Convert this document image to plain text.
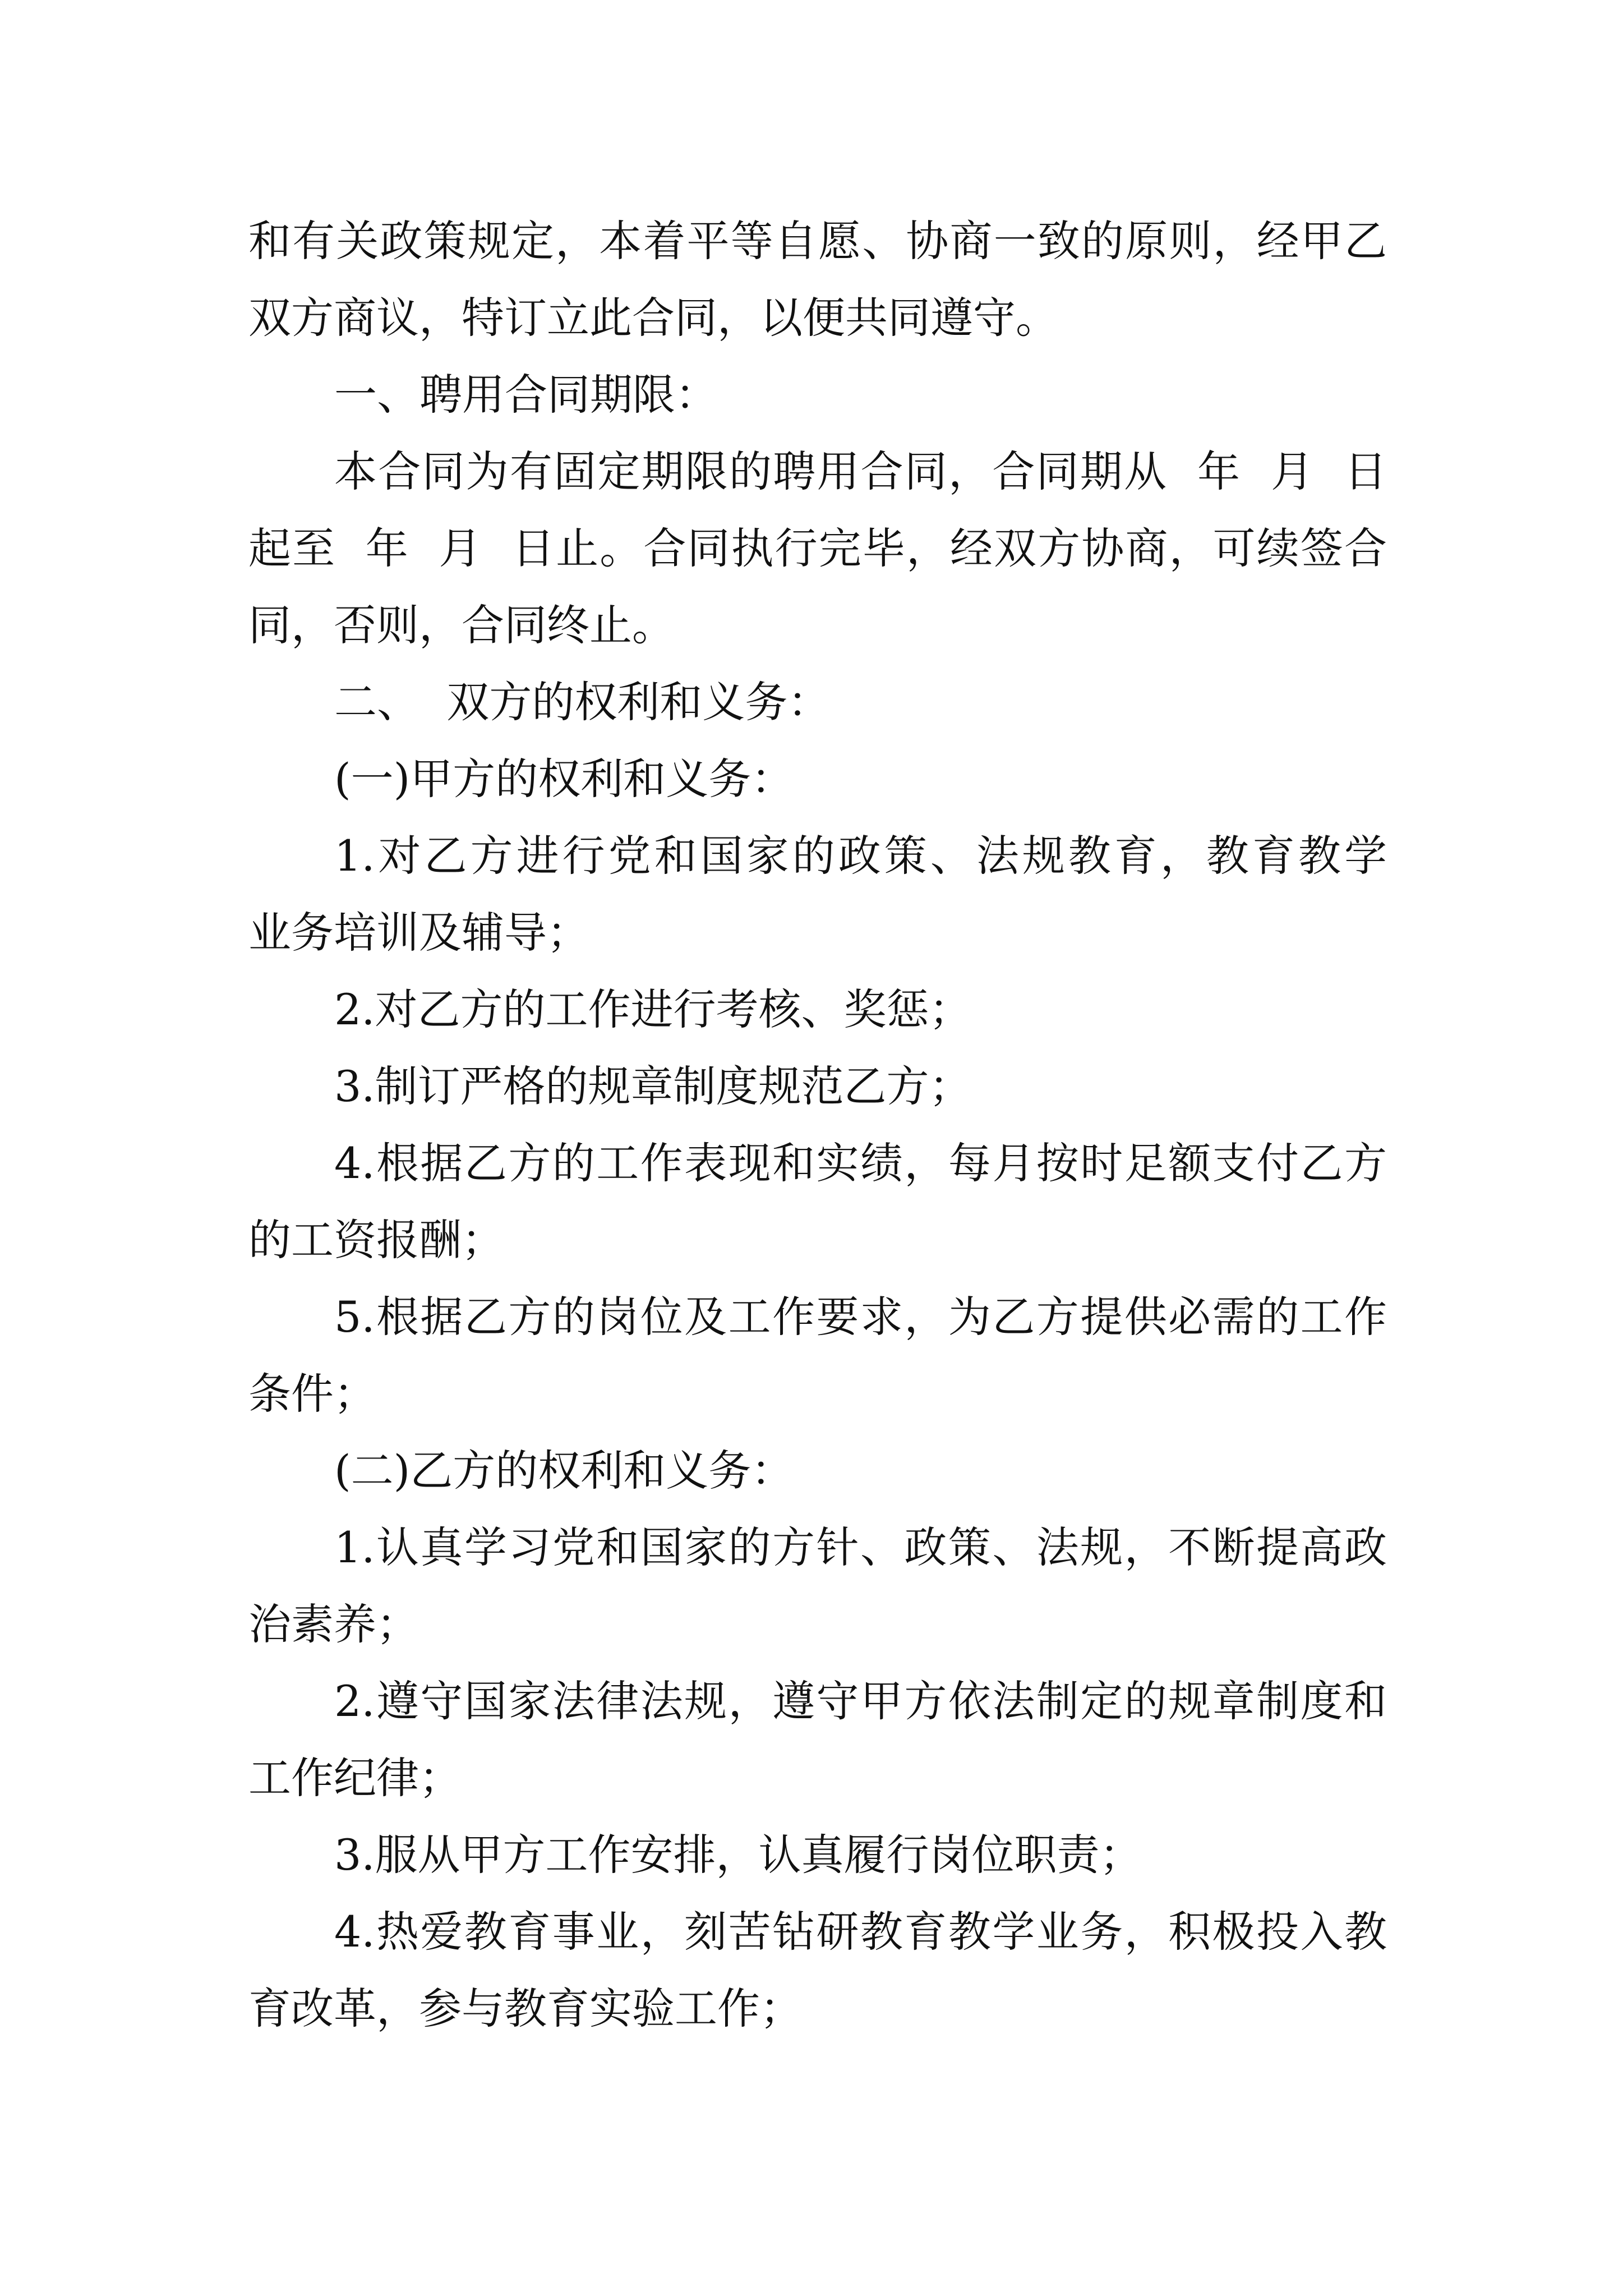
和有关政策规定，本着平等自愿、协商一致的原则，经甲乙
双方商议，特订立此合同，以便共同遵守。
一、聘用合同期限：
本合同为有固定期限的聘用合同，合同期从  年  月  日
起至  年  月  日止。合同执行完毕，经双方协商，可续签合
同，否则，合同终止。
二、  双方的权利和义务：
(一)甲方的权利和义务：
1.对乙方进行党和国家的政策、法规教育，教育教学
业务培训及辅导；
2.对乙方的工作进行考核、奖惩；
3.制订严格的规章制度规范乙方；
4.根据乙方的工作表现和实绩，每月按时足额支付乙方
的工资报酬；
5.根据乙方的岗位及工作要求，为乙方提供必需的工作
条件；
(二)乙方的权利和义务：
1.认真学习党和国家的方针、政策、法规，不断提高政
治素养；
2.遵守国家法律法规，遵守甲方依法制定的规章制度和
工作纪律；
3.服从甲方工作安排，认真履行岗位职责；
4.热爱教育事业，刻苦钻研教育教学业务，积极投入教
育改革，参与教育实验工作；
